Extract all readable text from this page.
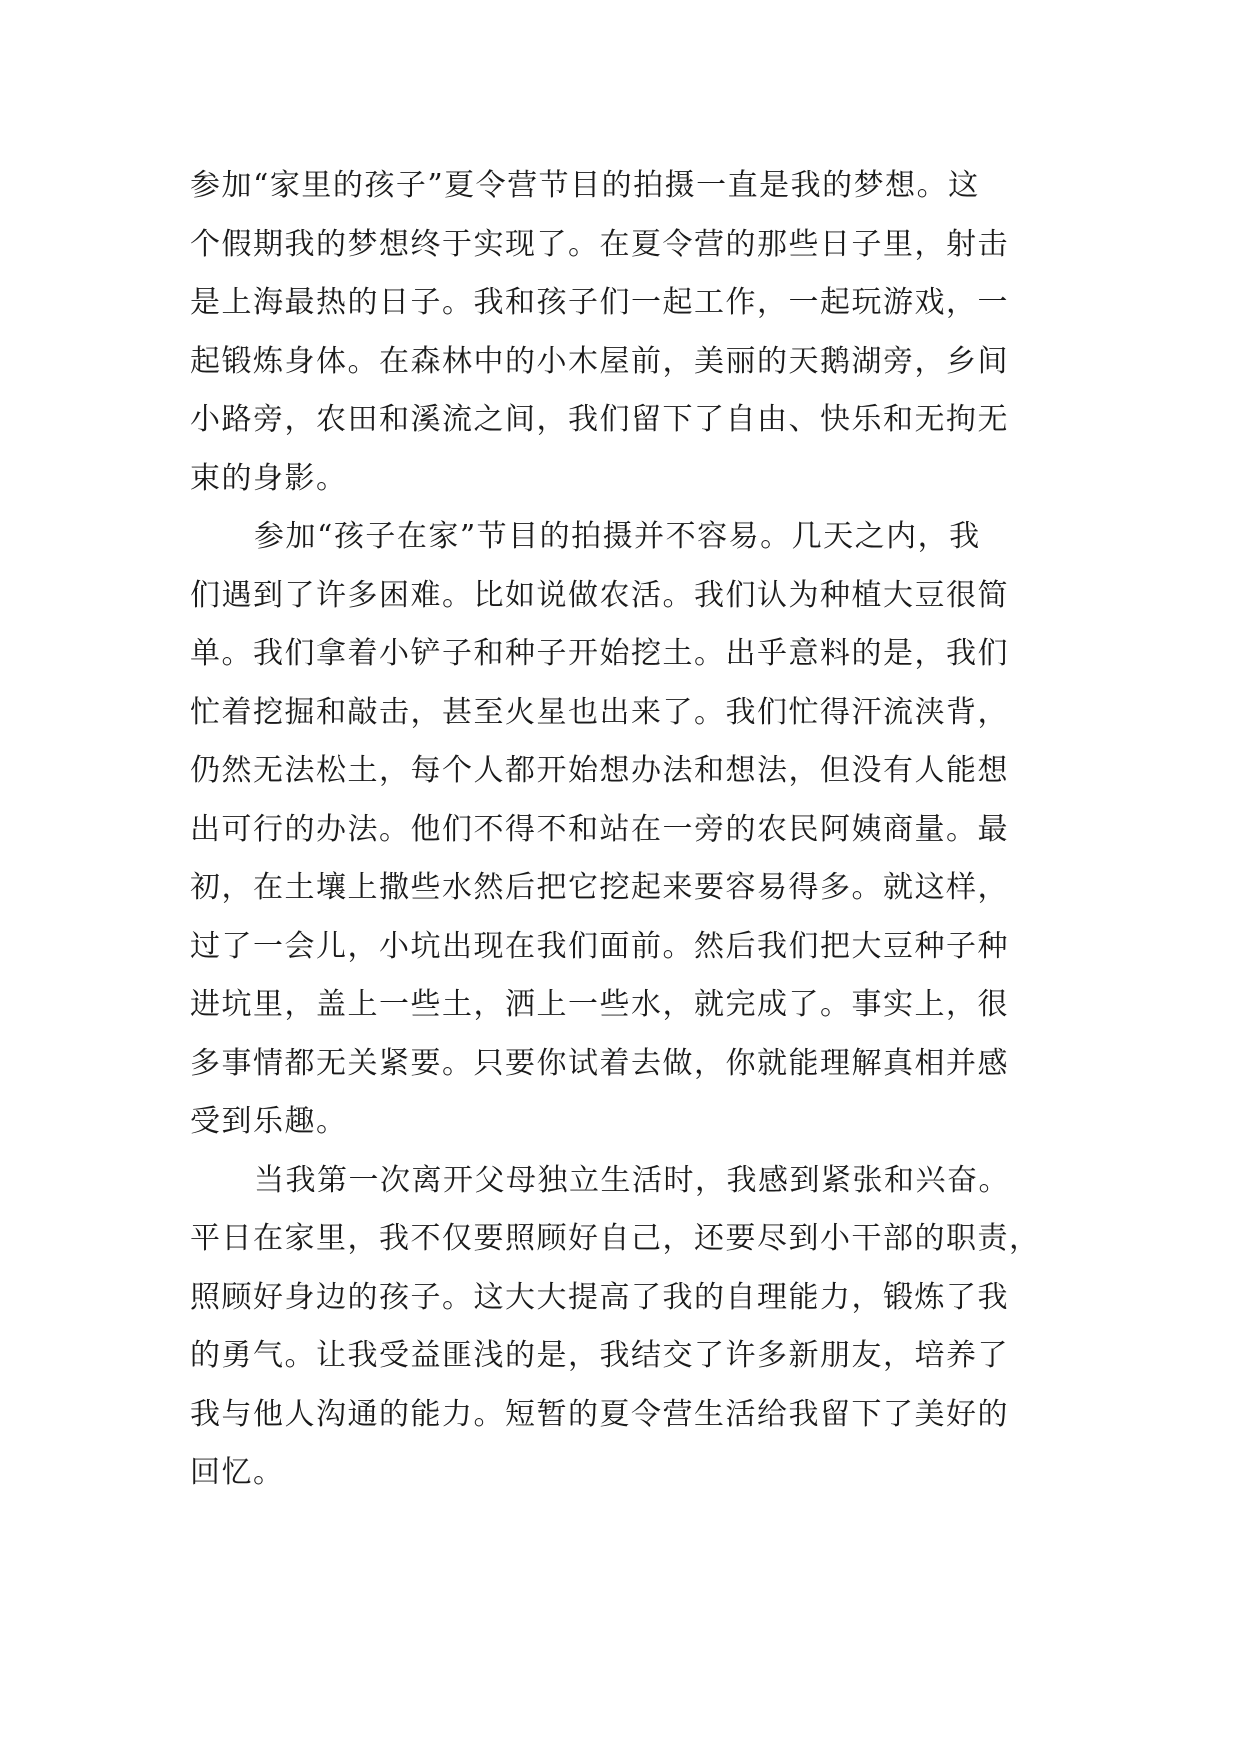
参加“家里的孩子”夏令营节目的拍摄一直是我的梦想。这
个假期我的梦想终于实现了。在夏令营的那些日子里，射击
是上海最热的日子。我和孩子们一起工作，一起玩游戏，一
起锻炼身体。在森林中的小木屋前，美丽的天鹅湖旁，乡间
小路旁，农田和溪流之间，我们留下了自由、快乐和无拘无
束的身影。
参加“孩子在家”节目的拍摄并不容易。几天之内，我
们遇到了许多困难。比如说做农活。我们认为种植大豆很简
单。我们拿着小铲子和种子开始挖土。出乎意料的是，我们
忙着挖掘和敲击，甚至火星也出来了。我们忙得汗流浃背，
仍然无法松土，每个人都开始想办法和想法，但没有人能想
出可行的办法。他们不得不和站在一旁的农民阿姨商量。最
初，在土壤上撒些水然后把它挖起来要容易得多。就这样，
过了一会儿，小坑出现在我们面前。然后我们把大豆种子种
进坑里，盖上一些土，洒上一些水，就完成了。事实上，很
多事情都无关紧要。只要你试着去做，你就能理解真相并感
受到乐趣。
当我第一次离开父母独立生活时，我感到紧张和兴奋。
平日在家里，我不仅要照顾好自己，还要尽到小干部的职责，
照顾好身边的孩子。这大大提高了我的自理能力，锻炼了我
的勇气。让我受益匪浅的是，我结交了许多新朋友，培养了
我与他人沟通的能力。短暂的夏令营生活给我留下了美好的
回忆。
